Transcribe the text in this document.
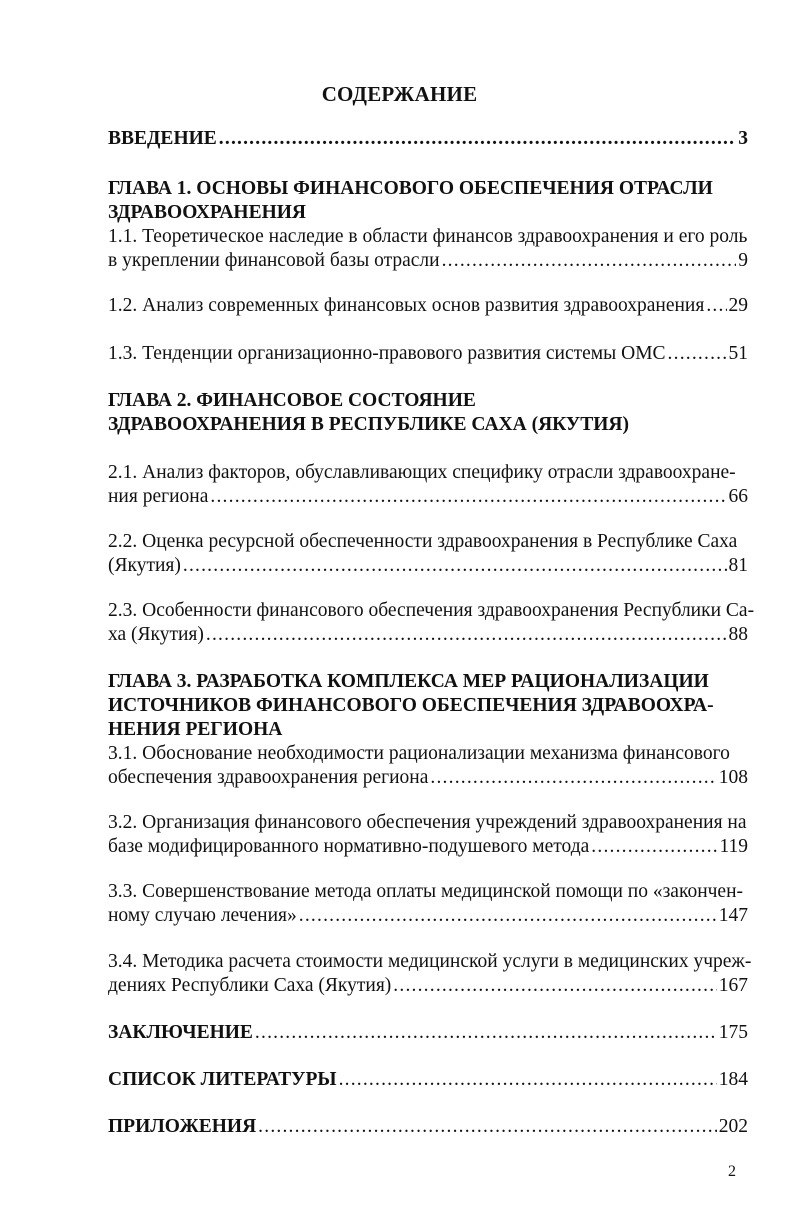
СОДЕРЖАНИЕ
ВВЕДЕНИЕ .....	3
ГЛАВА 1. ОСНОВЫ ФИНАНСОВОГО ОБЕСПЕЧЕНИЯ ОТРАСЛИ
ЗДРАВООХРАНЕНИЯ
1.1. Теоретическое наследие в области финансов здравоохранения и его роль
в укреплении финансовой базы отрасли .....	9
1.2. Анализ современных финансовых основ развития здравоохранения ..... 29
1.3. Тенденции организационно-правового развития системы ОМС .....	51
ГЛАВА 2. ФИНАНСОВОЕ СОСТОЯНИЕ
ЗДРАВООХРАНЕНИЯ В РЕСПУБЛИКЕ САХА (ЯКУТИЯ)
2.1. Анализ факторов, обуславливающих специфику отрасли здравоохране-
ния региона .....	66
2.2. Оценка ресурсной обеспеченности здравоохранения в Республике Саха
(Якутия) .....	81
2.3. Особенности финансового обеспечения здравоохранения Республики Са-
ха (Якутия) .....	88
ГЛАВА 3. РАЗРАБОТКА КОМПЛЕКСА МЕР РАЦИОНАЛИЗАЦИИ
ИСТОЧНИКОВ ФИНАНСОВОГО ОБЕСПЕЧЕНИЯ ЗДРАВООХРА-
НЕНИЯ РЕГИОНА
3.1. Обоснование необходимости рационализации механизма финансового
обеспечения здравоохранения региона .....	108
3.2. Организация финансового обеспечения учреждений здравоохранения на
базе модифицированного нормативно-подушевого метода .....	119
3.3. Совершенствование метода оплаты медицинской помощи по «закончен-
ному случаю лечения» .....	147
3.4. Методика расчета стоимости медицинской услуги в медицинских учреж-
дениях Республики Саха (Якутия) .....	167
ЗАКЛЮЧЕНИЕ .....	175
СПИСОК ЛИТЕРАТУРЫ .....	184
ПРИЛОЖЕНИЯ .....	202
2
